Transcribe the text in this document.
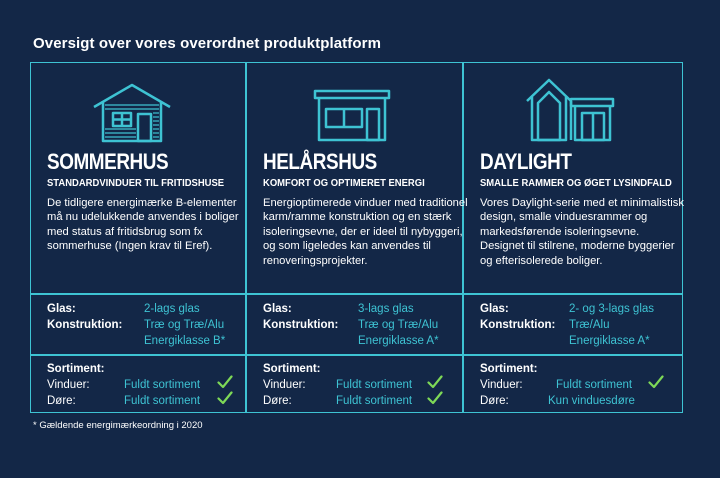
Oversigt over vores overordnet produktplatform
SOMMERHUS
STANDARDVINDUER TIL FRITIDSHUSE
De tidligere energimærke B-elementer må nu udelukkende anvendes i boliger med status af fritidsbrug som fx sommerhuse (Ingen krav til Eref).
Glas:	2-lags glas
Konstruktion: Træ og Træ/Alu
Energiklasse B*
Sortiment:
Vinduer:	Fuldt sortiment
Døre:	Fuldt sortiment
HELÅRSHUS
KOMFORT OG OPTIMERET ENERGI
Energioptimerede vinduer med traditionel karm/ramme konstruktion og en stærk isoleringsevne, der er ideel til nybyggeri, og som ligeledes kan anvendes til renoveringsprojekter.
Glas:	3-lags glas
Konstruktion: Træ og Træ/Alu
Energiklasse A*
Sortiment:
Vinduer:	Fuldt sortiment
Døre:	Fuldt sortiment
DAYLIGHT
SMALLE RAMMER OG ØGET LYSINDFALD
Vores Daylight-serie med et minimalistisk design, smalle vinduesrammer og markedsførende isoleringsevne. Designet til stilrene, moderne byggerier og efterisolerede boliger.
Glas:	2- og 3-lags glas
Konstruktion: Træ/Alu
Energiklasse A*
Sortiment:
Vinduer:	Fuldt sortiment
Døre:	Kun vinduesdøre
* Gældende energimærkeordning i 2020
